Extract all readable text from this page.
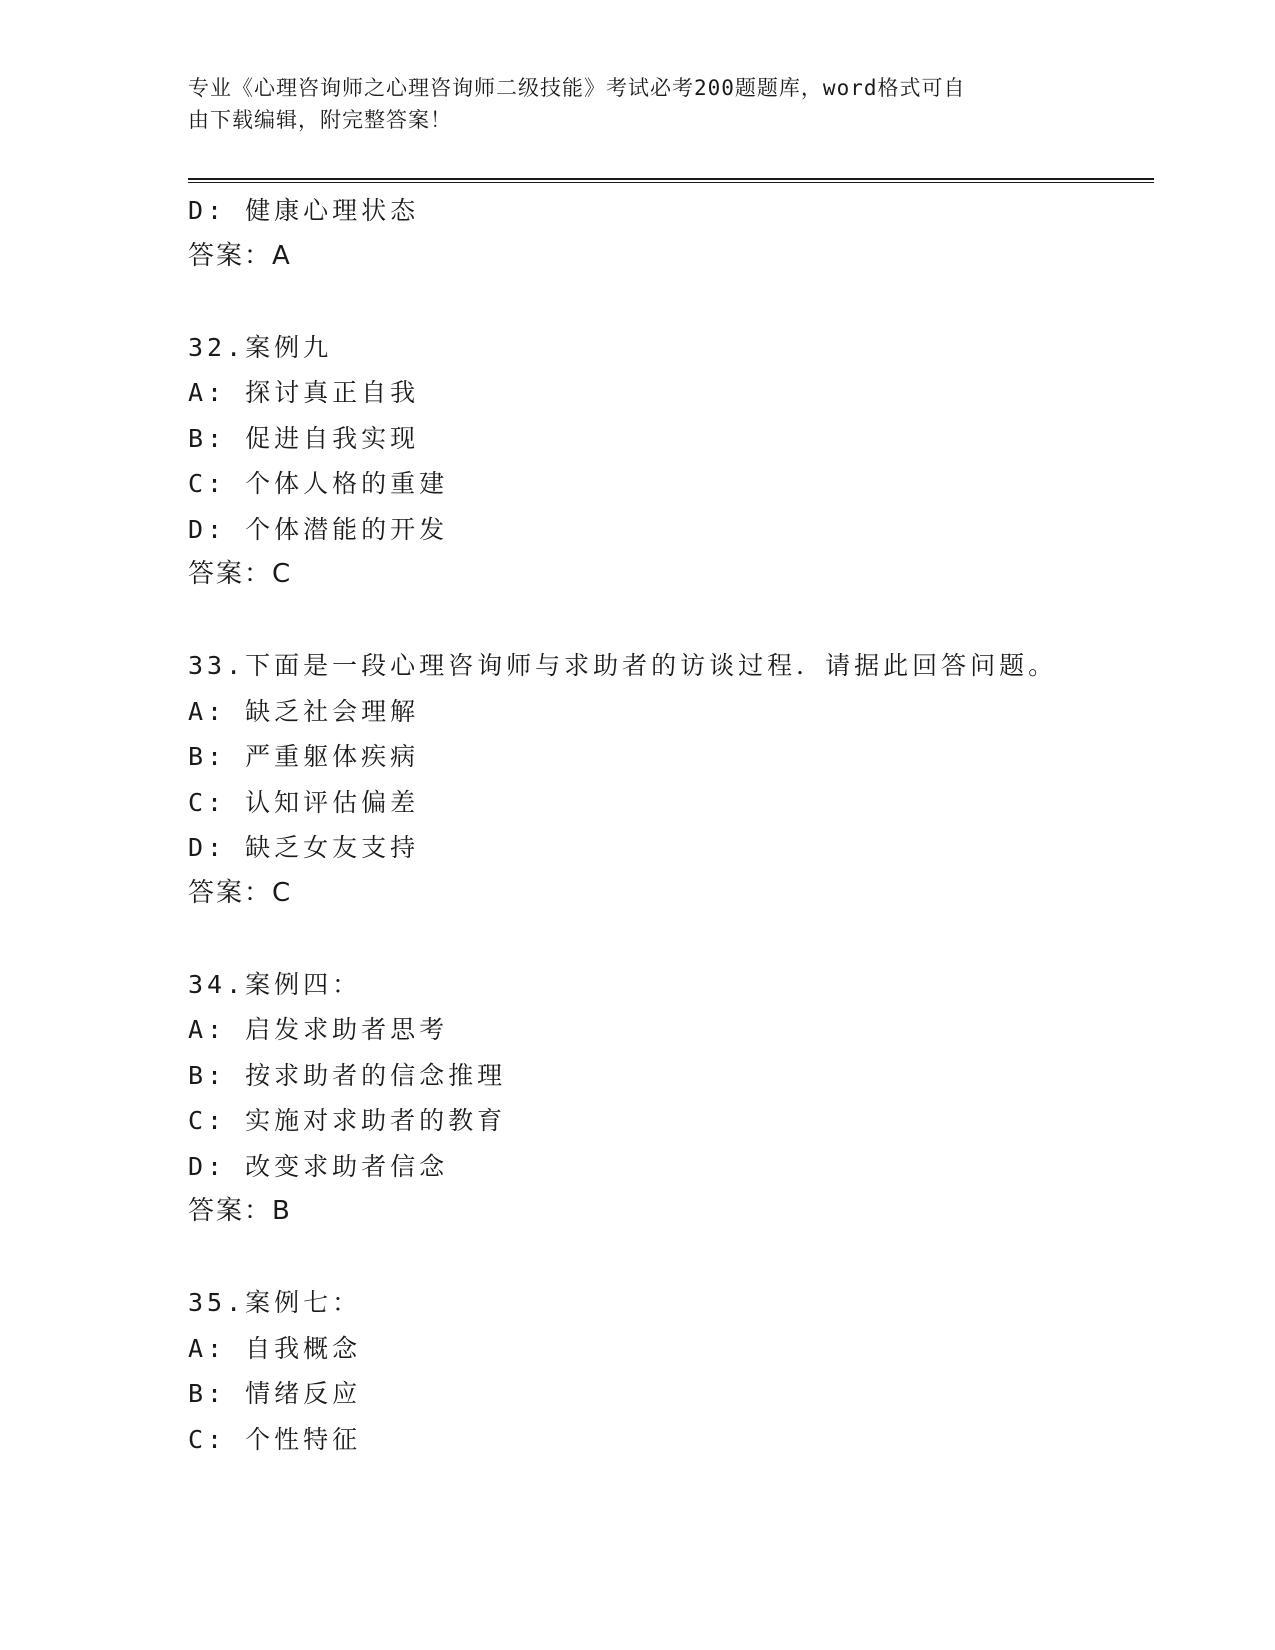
专业《心理咨询师之心理咨询师二级技能》考试必考200题题库，word格式可自
由下载编辑，附完整答案！
D: 健康心理状态
答案：A
32.案例九
A: 探讨真正自我
B: 促进自我实现
C: 个体人格的重建
D: 个体潜能的开发
答案：C
33.下面是一段心理咨询师与求助者的访谈过程．请据此回答问题。
A: 缺乏社会理解
B: 严重躯体疾病
C: 认知评估偏差
D: 缺乏女友支持
答案：C
34.案例四：
A: 启发求助者思考
B: 按求助者的信念推理
C: 实施对求助者的教育
D: 改变求助者信念
答案：B
35.案例七：
A: 自我概念
B: 情绪反应
C: 个性特征
